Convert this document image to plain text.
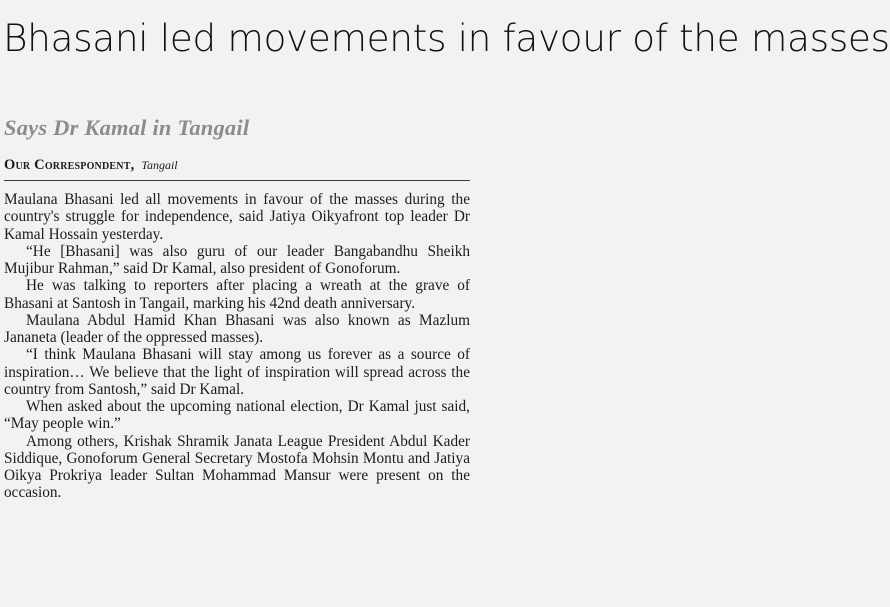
Bhasani led movements in favour of the masses
Says Dr Kamal in Tangail
Our Correspondent, Tangail

Maulana Bhasani led all movements in favour of the masses during the country's struggle for independence, said Jatiya Oikyafront top leader Dr Kamal Hossain yesterday.

“He [Bhasani] was also guru of our leader Bangabandhu Sheikh Mujibur Rahman,” said Dr Kamal, also president of Gonoforum.

He was talking to reporters after placing a wreath at the grave of Bhasani at Santosh in Tangail, marking his 42nd death anniversary.

Maulana Abdul Hamid Khan Bhasani was also known as Mazlum Jananeta (leader of the oppressed masses).

“I think Maulana Bhasani will stay among us forever as a source of inspiration… We believe that the light of inspiration will spread across the country from Santosh,” said Dr Kamal.

When asked about the upcoming national election, Dr Kamal just said, “May people win.”

Among others, Krishak Shramik Janata League President Abdul Kader Siddique, Gonoforum General Secretary Mostofa Mohsin Montu and Jatiya Oikya Prokriya leader Sultan Mohammad Mansur were present on the occasion.
